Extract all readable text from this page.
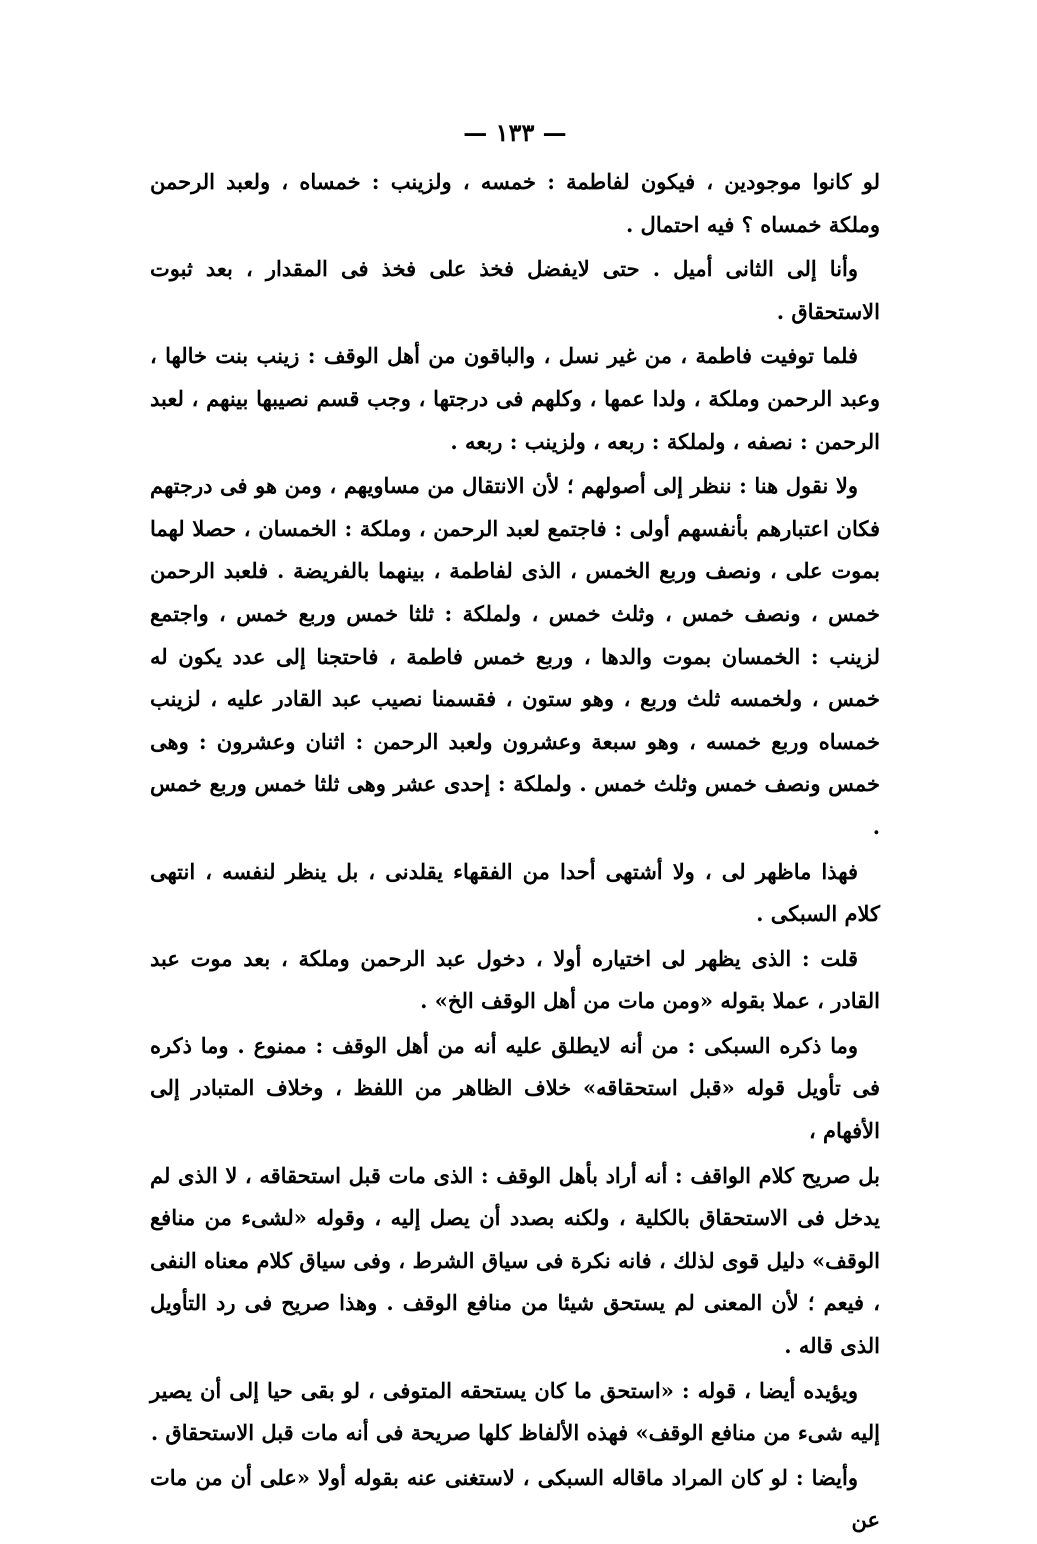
— ١٣٣ —

لو كانوا موجودين ، فيكون لفاطمة : خمسه ، ولزينب : خمساه ، ولعبد الرحمن وملكة خمساه ؟ فيه احتمال .

وأنا إلى الثانى أميل . حتى لايفضل فخذ على فخذ فى المقدار ، بعد ثبوت الاستحقاق .

فلما توفيت فاطمة ، من غير نسل ، والباقون من أهل الوقف : زينب بنت خالها ، وعبد الرحمن وملكة ، ولدا عمها ، وكلهم فى درجتها ، وجب قسم نصيبها بينهم ، لعبد الرحمن : نصفه ، ولملكة : ربعه ، ولزينب : ربعه .

ولا نقول هنا : ننظر إلى أصولهم ؛ لأن الانتقال من مساويهم ، ومن هو فى درجتهم فكان اعتبارهم بأنفسهم أولى : فاجتمع لعبد الرحمن ، وملكة : الخمسان ، حصلا لهما بموت على ، ونصف وربع الخمس ، الذى لفاطمة ، بينهما بالفريضة . فلعبد الرحمن خمس ، ونصف خمس ، وثلث خمس ، ولملكة : ثلثا خمس وربع خمس ، واجتمع لزينب : الخمسان بموت والدها ، وربع خمس فاطمة ، فاحتجنا إلى عدد يكون له خمس ، ولخمسه ثلث وربع ، وهو ستون ، فقسمنا نصيب عبد القادر عليه ، لزينب خمساه وربع خمسه ، وهو سبعة وعشرون ولعبد الرحمن : اثنان وعشرون : وهى خمس ونصف خمس وثلث خمس . ولملكة : إحدى عشر وهى ثلثا خمس وربع خمس .

فهذا ماظهر لى ، ولا أشتهى أحدا من الفقهاء يقلدنى ، بل ينظر لنفسه ، انتهى كلام السبكى .

قلت : الذى يظهر لى اختياره أولا ، دخول عبد الرحمن وملكة ، بعد موت عبد القادر ، عملا بقوله «ومن مات من أهل الوقف الخ» .

وما ذكره السبكى : من أنه لايطلق عليه أنه من أهل الوقف : ممنوع . وما ذكره فى تأويل قوله «قبل استحقاقه» خلاف الظاهر من اللفظ ، وخلاف المتبادر إلى الأفهام ،

بل صريح كلام الواقف : أنه أراد بأهل الوقف : الذى مات قبل استحقاقه ، لا الذى لم يدخل فى الاستحقاق بالكلية ، ولكنه بصدد أن يصل إليه ، وقوله «لشىء من منافع الوقف» دليل قوى لذلك ، فانه نكرة فى سياق الشرط ، وفى سياق كلام معناه النفى ، فيعم ؛ لأن المعنى لم يستحق شيئا من منافع الوقف . وهذا صريح فى رد التأويل الذى قاله .

ويؤيده أيضا ، قوله : «استحق ما كان يستحقه المتوفى ، لو بقى حيا إلى أن يصير إليه شىء من منافع الوقف» فهذه الألفاظ كلها صريحة فى أنه مات قبل الاستحقاق .

وأيضا : لو كان المراد ماقاله السبكى ، لاستغنى عنه بقوله أولا «على أن من مات عن
